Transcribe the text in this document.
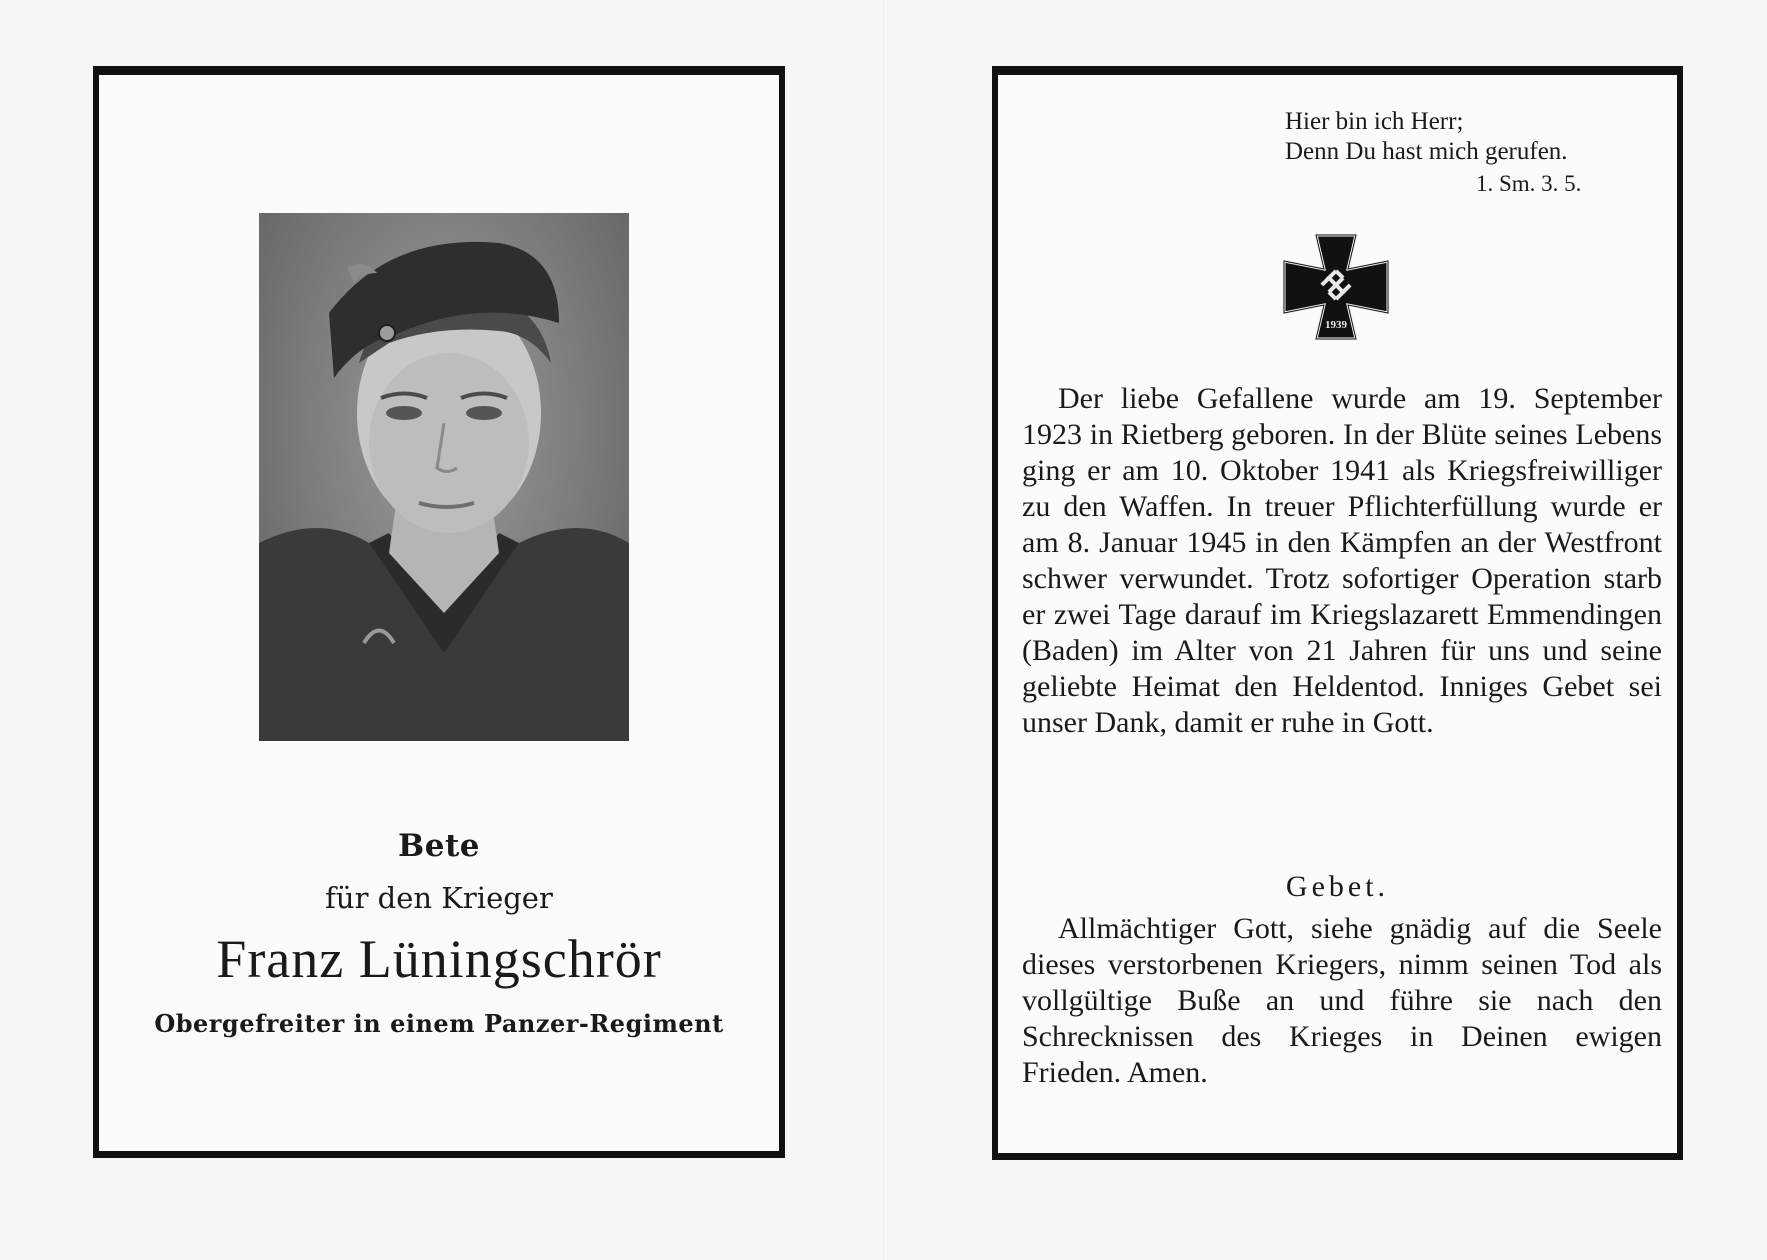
Bete
für den Krieger
Franz Lüningschrör
Obergefreiter in einem Panzer-Regiment
Hier bin ich Herr;
Denn Du hast mich gerufen.
1. Sm. 3. 5.
1939
Der liebe Gefallene wurde am 19. September 1923 in Rietberg geboren. In der Blüte seines Lebens ging er am 10. Oktober 1941 als Kriegsfreiwilliger zu den Waffen. In treuer Pflichterfüllung wurde er am 8. Januar 1945 in den Kämpfen an der Westfront schwer verwundet. Trotz sofortiger Operation starb er zwei Tage darauf im Kriegslazarett Emmendingen (Baden) im Alter von 21 Jahren für uns und seine geliebte Heimat den Heldentod. Inniges Gebet sei unser Dank, damit er ruhe in Gott.
Gebet.
Allmächtiger Gott, siehe gnädig auf die Seele dieses verstorbenen Kriegers, nimm seinen Tod als vollgültige Buße an und führe sie nach den Schrecknissen des Krieges in Deinen ewigen Frieden. Amen.
